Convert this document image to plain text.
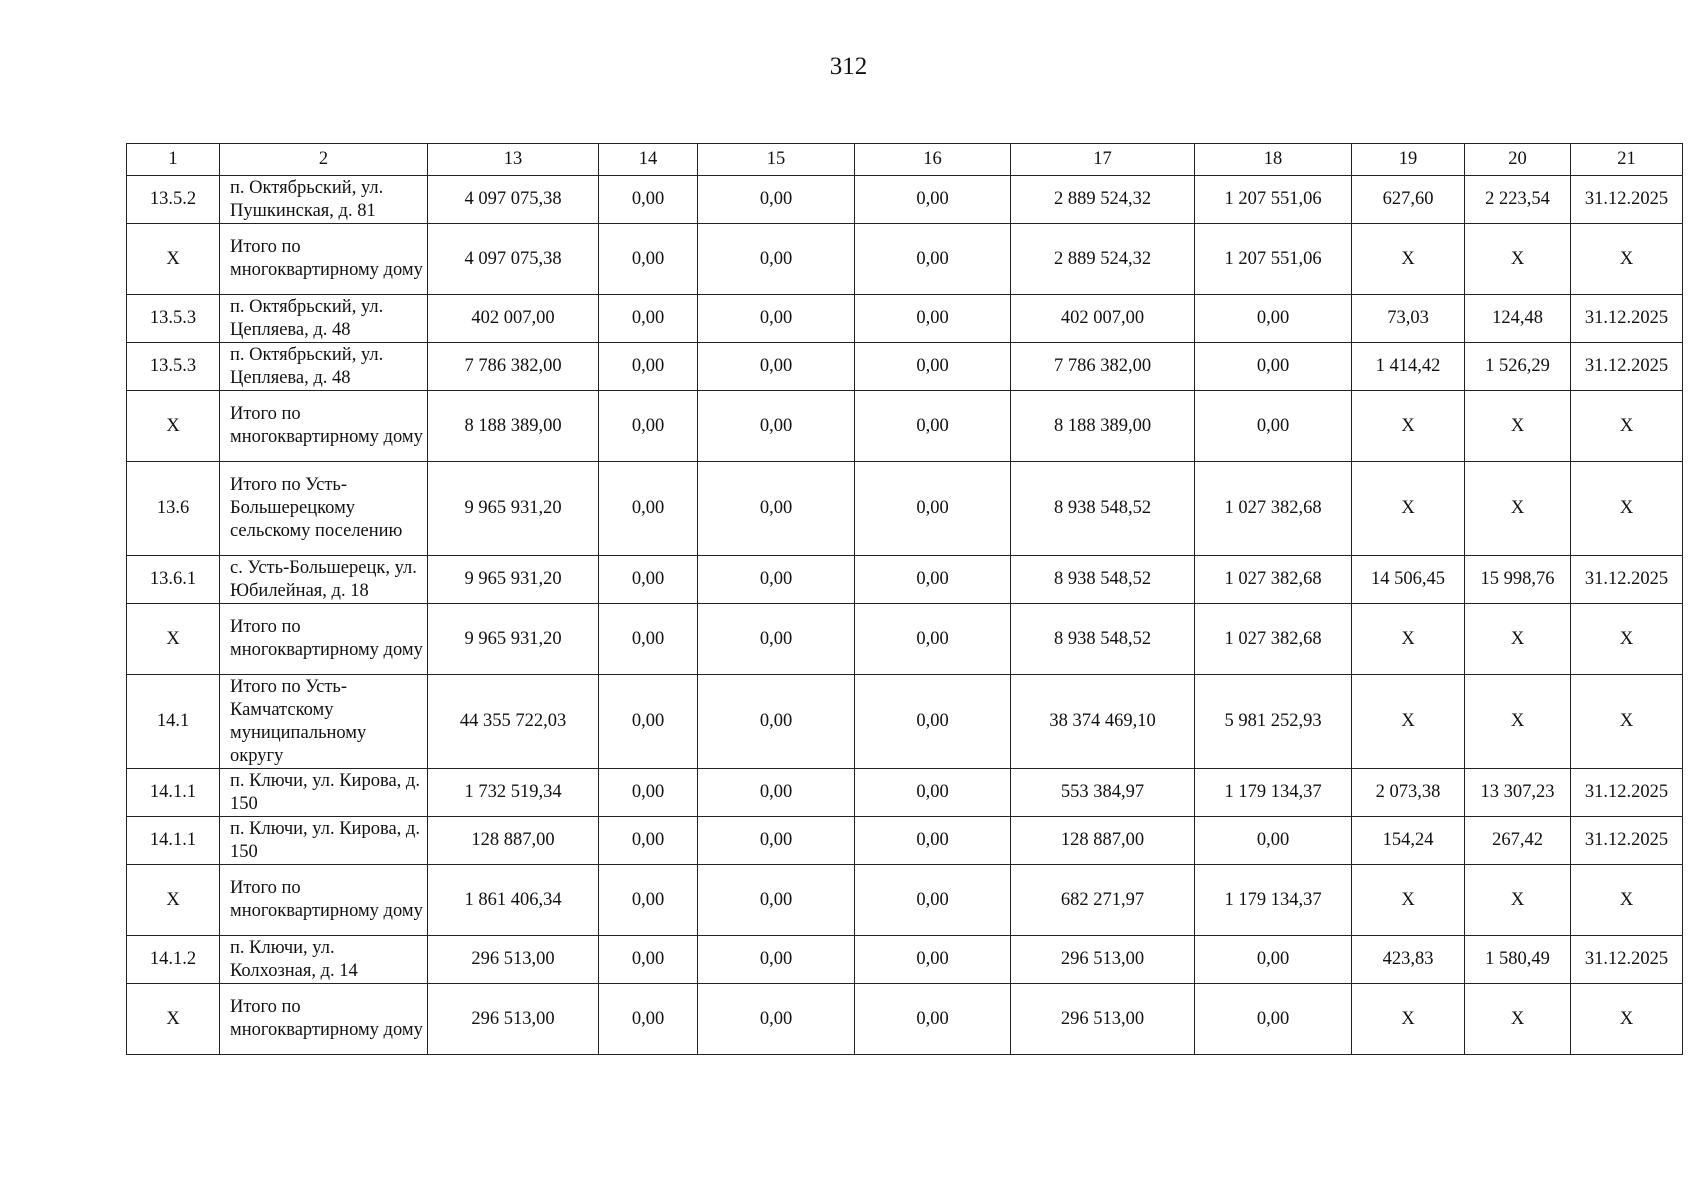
312
1	2	13	14	15	16	17	18	19	20	21
13.5.2	п. Октябрьский, ул. Пушкинская, д. 81	4 097 075,38	0,00	0,00	0,00	2 889 524,32	1 207 551,06	627,60	2 223,54	31.12.2025
X	Итого по многоквартирному дому	4 097 075,38	0,00	0,00	0,00	2 889 524,32	1 207 551,06	X	X	X
13.5.3	п. Октябрьский, ул. Цепляева, д. 48	402 007,00	0,00	0,00	0,00	402 007,00	0,00	73,03	124,48	31.12.2025
13.5.3	п. Октябрьский, ул. Цепляева, д. 48	7 786 382,00	0,00	0,00	0,00	7 786 382,00	0,00	1 414,42	1 526,29	31.12.2025
X	Итого по многоквартирному дому	8 188 389,00	0,00	0,00	0,00	8 188 389,00	0,00	X	X	X
13.6	Итого по Усть-Большерецкому сельскому поселению	9 965 931,20	0,00	0,00	0,00	8 938 548,52	1 027 382,68	X	X	X
13.6.1	с. Усть-Большерецк, ул. Юбилейная, д. 18	9 965 931,20	0,00	0,00	0,00	8 938 548,52	1 027 382,68	14 506,45	15 998,76	31.12.2025
X	Итого по многоквартирному дому	9 965 931,20	0,00	0,00	0,00	8 938 548,52	1 027 382,68	X	X	X
14.1	Итого по Усть-Камчатскому муниципальному округу	44 355 722,03	0,00	0,00	0,00	38 374 469,10	5 981 252,93	X	X	X
14.1.1	п. Ключи, ул. Кирова, д. 150	1 732 519,34	0,00	0,00	0,00	553 384,97	1 179 134,37	2 073,38	13 307,23	31.12.2025
14.1.1	п. Ключи, ул. Кирова, д. 150	128 887,00	0,00	0,00	0,00	128 887,00	0,00	154,24	267,42	31.12.2025
X	Итого по многоквартирному дому	1 861 406,34	0,00	0,00	0,00	682 271,97	1 179 134,37	X	X	X
14.1.2	п. Ключи, ул. Колхозная, д. 14	296 513,00	0,00	0,00	0,00	296 513,00	0,00	423,83	1 580,49	31.12.2025
X	Итого по многоквартирному дому	296 513,00	0,00	0,00	0,00	296 513,00	0,00	X	X	X
